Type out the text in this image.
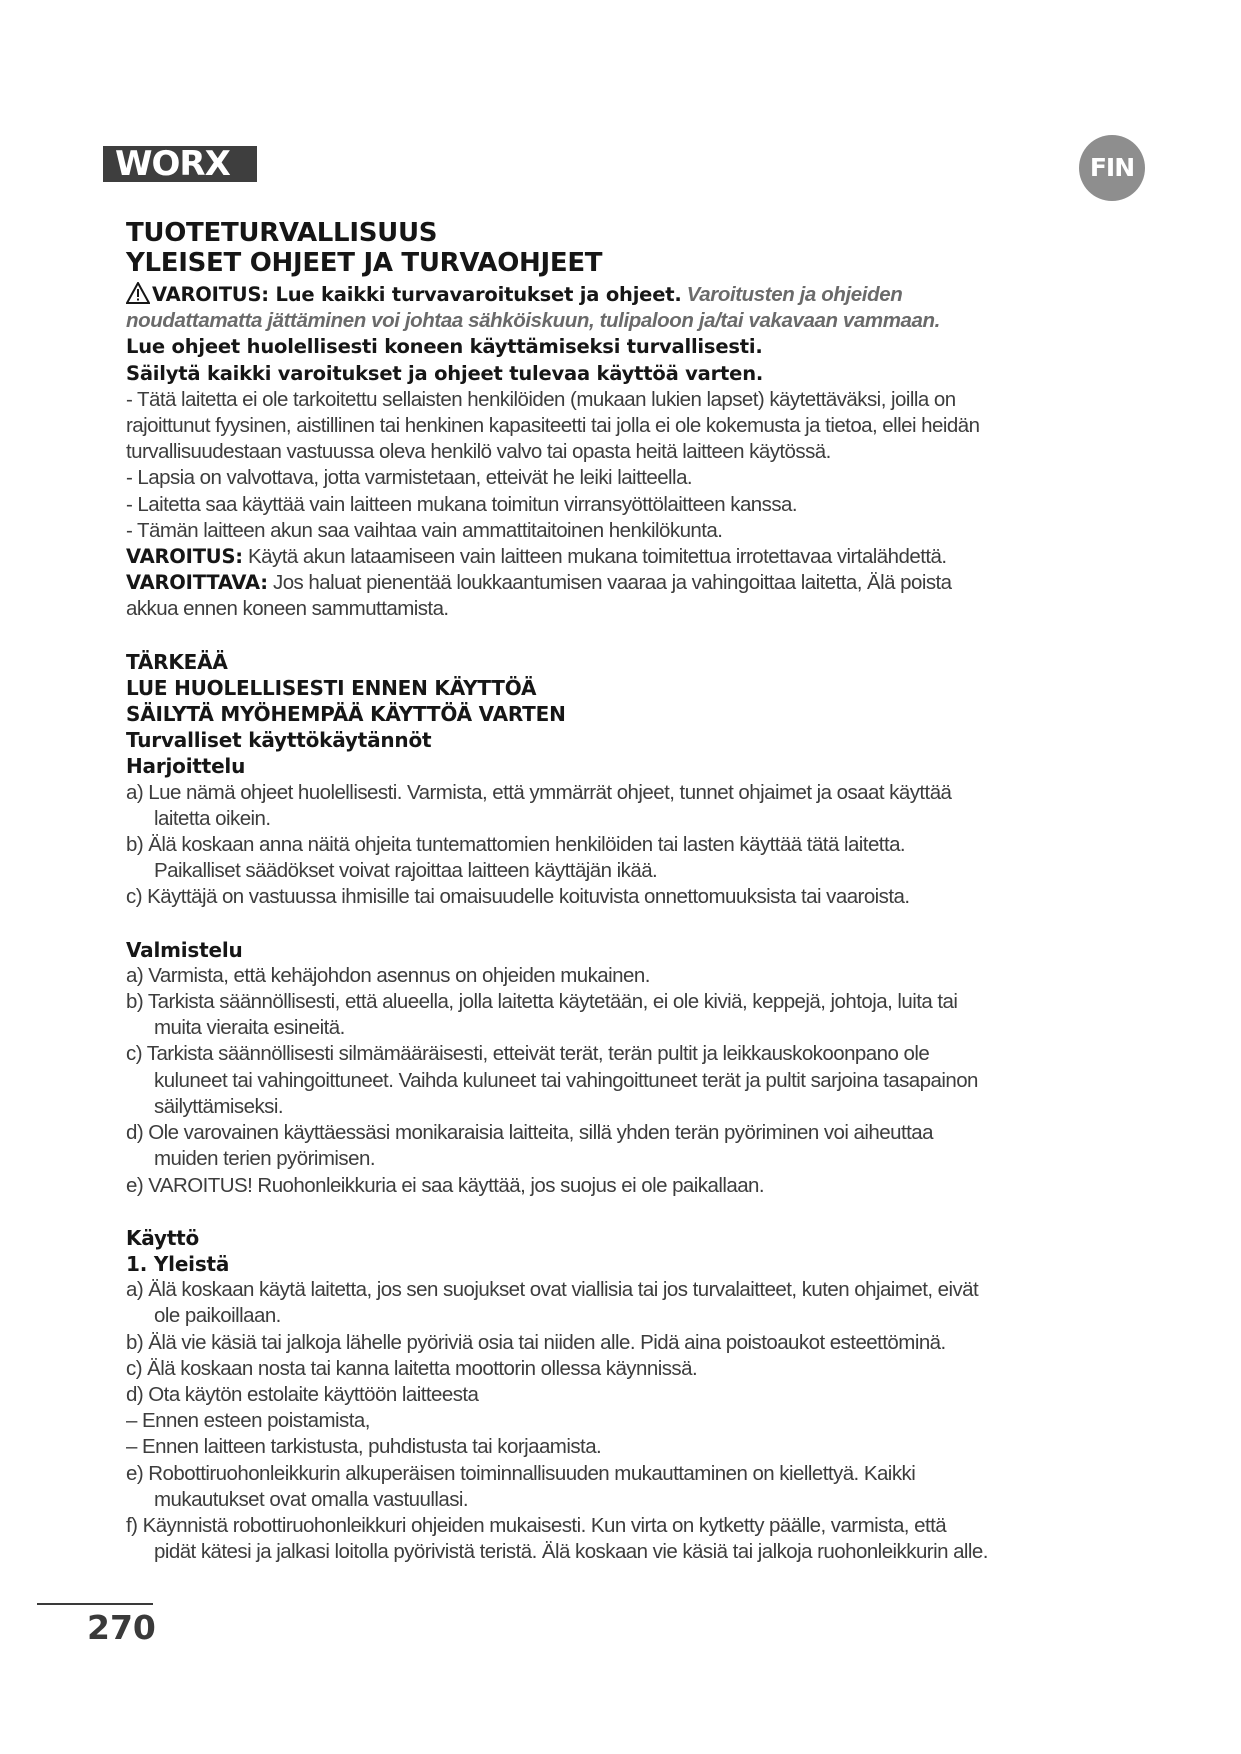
WORX	FIN
TUOTETURVALLISUUS
YLEISET OHJEET JA TURVAOHJEET
VAROITUS: Lue kaikki turvavaroitukset ja ohjeet. Varoitusten ja ohjeiden
noudattamatta jättäminen voi johtaa sähköiskuun, tulipaloon ja/tai vakavaan vammaan.
Lue ohjeet huolellisesti koneen käyttämiseksi turvallisesti.
Säilytä kaikki varoitukset ja ohjeet tulevaa käyttöä varten.
- Tätä laitetta ei ole tarkoitettu sellaisten henkilöiden (mukaan lukien lapset) käytettäväksi, joilla on
rajoittunut fyysinen, aistillinen tai henkinen kapasiteetti tai jolla ei ole kokemusta ja tietoa, ellei heidän
turvallisuudestaan vastuussa oleva henkilö valvo tai opasta heitä laitteen käytössä.
- Lapsia on valvottava, jotta varmistetaan, etteivät he leiki laitteella.
- Laitetta saa käyttää vain laitteen mukana toimitun virransyöttölaitteen kanssa.
- Tämän laitteen akun saa vaihtaa vain ammattitaitoinen henkilökunta.
VAROITUS: Käytä akun lataamiseen vain laitteen mukana toimitettua irrotettavaa virtalähdettä.
VAROITTAVA: Jos haluat pienentää loukkaantumisen vaaraa ja vahingoittaa laitetta, Älä poista
akkua ennen koneen sammuttamista.
TÄRKEÄÄ
LUE HUOLELLISESTI ENNEN KÄYTTÖÄ
SÄILYTÄ MYÖHEMPÄÄ KÄYTTÖÄ VARTEN
Turvalliset käyttökäytännöt
Harjoittelu
a) Lue nämä ohjeet huolellisesti. Varmista, että ymmärrät ohjeet, tunnet ohjaimet ja osaat käyttää
laitetta oikein.
b) Älä koskaan anna näitä ohjeita tuntemattomien henkilöiden tai lasten käyttää tätä laitetta.
Paikalliset säädökset voivat rajoittaa laitteen käyttäjän ikää.
c) Käyttäjä on vastuussa ihmisille tai omaisuudelle koituvista onnettomuuksista tai vaaroista.
Valmistelu
a) Varmista, että kehäjohdon asennus on ohjeiden mukainen.
b) Tarkista säännöllisesti, että alueella, jolla laitetta käytetään, ei ole kiviä, keppejä, johtoja, luita tai
muita vieraita esineitä.
c) Tarkista säännöllisesti silmämääräisesti, etteivät terät, terän pultit ja leikkauskokoonpano ole
kuluneet tai vahingoittuneet. Vaihda kuluneet tai vahingoittuneet terät ja pultit sarjoina tasapainon
säilyttämiseksi.
d) Ole varovainen käyttäessäsi monikaraisia laitteita, sillä yhden terän pyöriminen voi aiheuttaa
muiden terien pyörimisen.
e) VAROITUS! Ruohonleikkuria ei saa käyttää, jos suojus ei ole paikallaan.
Käyttö
1. Yleistä
a) Älä koskaan käytä laitetta, jos sen suojukset ovat viallisia tai jos turvalaitteet, kuten ohjaimet, eivät
ole paikoillaan.
b) Älä vie käsiä tai jalkoja lähelle pyöriviä osia tai niiden alle. Pidä aina poistoaukot esteettöminä.
c) Älä koskaan nosta tai kanna laitetta moottorin ollessa käynnissä.
d) Ota käytön estolaite käyttöön laitteesta
– Ennen esteen poistamista,
– Ennen laitteen tarkistusta, puhdistusta tai korjaamista.
e) Robottiruohonleikkurin alkuperäisen toiminnallisuuden mukauttaminen on kiellettyä. Kaikki
mukautukset ovat omalla vastuullasi.
f) Käynnistä robottiruohonleikkuri ohjeiden mukaisesti. Kun virta on kytketty päälle, varmista, että
pidät kätesi ja jalkasi loitolla pyörivistä teristä. Älä koskaan vie käsiä tai jalkoja ruohonleikkurin alle.
270
